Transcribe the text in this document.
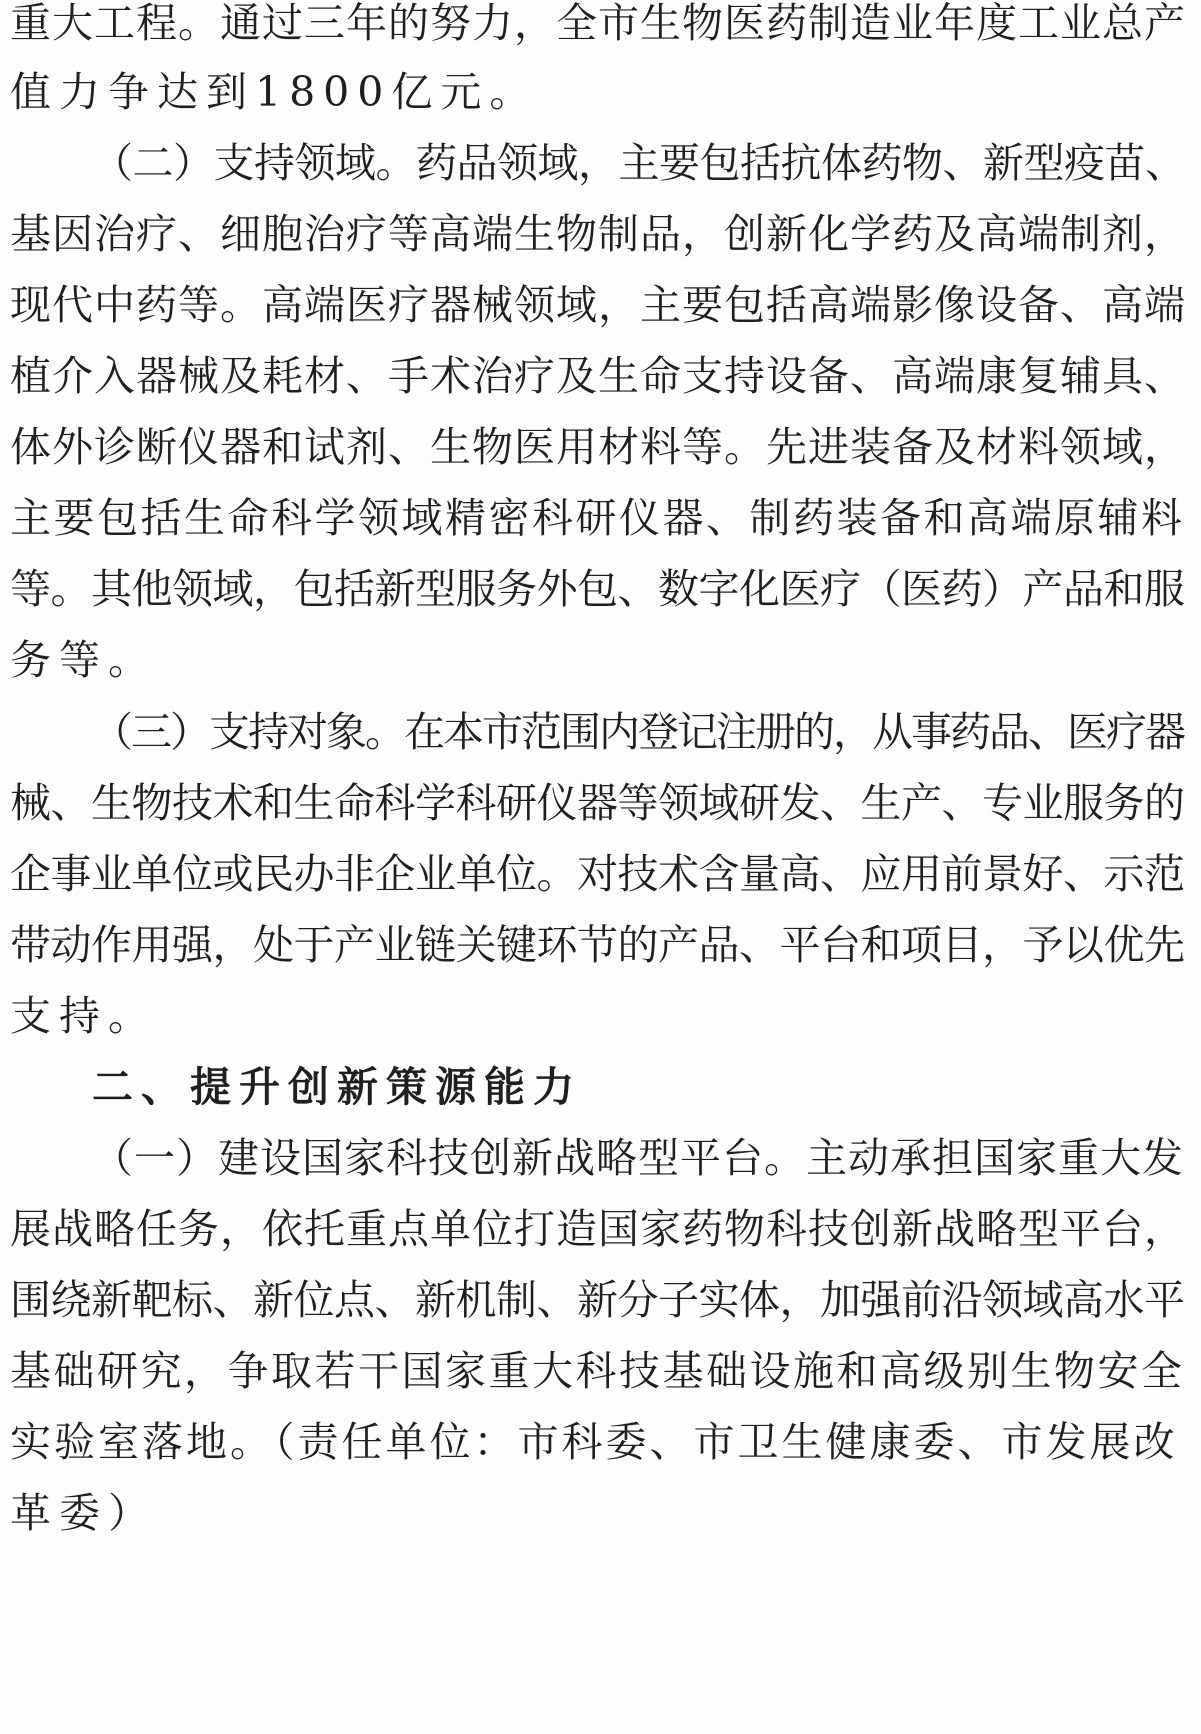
重大工程。通过三年的努力，全市生物医药制造业年度工业总产
值力争达到1800亿元。
（二）支持领域。药品领域，主要包括抗体药物、新型疫苗、
基因治疗、细胞治疗等高端生物制品，创新化学药及高端制剂，
现代中药等。高端医疗器械领域，主要包括高端影像设备、高端
植介入器械及耗材、手术治疗及生命支持设备、高端康复辅具、
体外诊断仪器和试剂、生物医用材料等。先进装备及材料领域，
主要包括生命科学领域精密科研仪器、制药装备和高端原辅料
等。其他领域，包括新型服务外包、数字化医疗（医药）产品和服
务等。
（三）支持对象。在本市范围内登记注册的，从事药品、医疗器
械、生物技术和生命科学科研仪器等领域研发、生产、专业服务的
企事业单位或民办非企业单位。对技术含量高、应用前景好、示范
带动作用强，处于产业链关键环节的产品、平台和项目，予以优先
支持。
二、提升创新策源能力
（一）建设国家科技创新战略型平台。主动承担国家重大发
展战略任务，依托重点单位打造国家药物科技创新战略型平台，
围绕新靶标、新位点、新机制、新分子实体，加强前沿领域高水平
基础研究，争取若干国家重大科技基础设施和高级别生物安全
实验室落地。（责任单位：市科委、市卫生健康委、市发展改
革委）
